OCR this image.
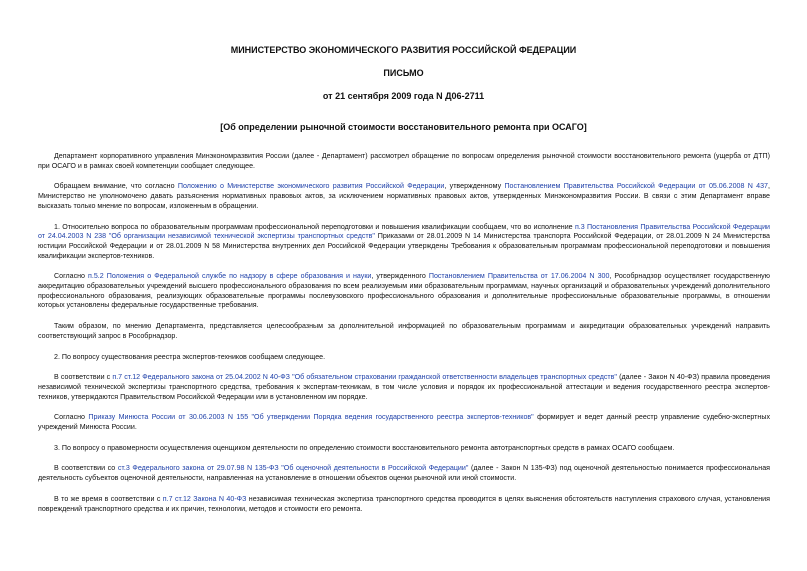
МИНИСТЕРСТВО ЭКОНОМИЧЕСКОГО РАЗВИТИЯ РОССИЙСКОЙ ФЕДЕРАЦИИ
ПИСЬМО
от 21 сентября 2009 года N Д06-2711
[Об определении рыночной стоимости восстановительного ремонта при ОСАГО]

Департамент корпоративного управления Минэкономразвития России (далее - Департамент) рассмотрел обращение по вопросам определения рыночной стоимости восстановительного ремонта (ущерба от ДТП) при ОСАГО и в рамках своей компетенции сообщает следующее.

Обращаем внимание, что согласно Положению о Министерстве экономического развития Российской Федерации, утвержденному Постановлением Правительства Российской Федерации от 05.06.2008 N 437, Министерство не уполномочено давать разъяснения нормативных правовых актов, за исключением нормативных правовых актов, утвержденных Минэкономразвития России. В связи с этим Департамент вправе высказать только мнение по вопросам, изложенным в обращении.

1. Относительно вопроса по образовательным программам профессиональной переподготовки и повышения квалификации сообщаем, что во исполнение п.3 Постановления Правительства Российской Федерации от 24.04.2003 N 238 "Об организации независимой технической экспертизы транспортных средств" Приказами от 28.01.2009 N 14 Министерства транспорта Российской Федерации, от 28.01.2009 N 24 Министерства юстиции Российской Федерации и от 28.01.2009 N 58 Министерства внутренних дел Российской Федерации утверждены Требования к образовательным программам профессиональной переподготовки и повышения квалификации экспертов-техников.

Согласно п.5.2 Положения о Федеральной службе по надзору в сфере образования и науки, утвержденного Постановлением Правительства от 17.06.2004 N 300, Рособрнадзор осуществляет государственную аккредитацию образовательных учреждений высшего профессионального образования по всем реализуемым ими образовательным программам, научных организаций и образовательных учреждений дополнительного профессионального образования, реализующих образовательные программы послевузовского профессионального образования и дополнительные профессиональные образовательные программы, в отношении которых установлены федеральные государственные требования.

Таким образом, по мнению Департамента, представляется целесообразным за дополнительной информацией по образовательным программам и аккредитации образовательных учреждений направить соответствующий запрос в Рособрнадзор.

2. По вопросу существования реестра экспертов-техников сообщаем следующее.

В соответствии с п.7 ст.12 Федерального закона от 25.04.2002 N 40-ФЗ "Об обязательном страховании гражданской ответственности владельцев транспортных средств" (далее - Закон N 40-ФЗ) правила проведения независимой технической экспертизы транспортного средства, требования к экспертам-техникам, в том числе условия и порядок их профессиональной аттестации и ведения государственного реестра экспертов-техников, утверждаются Правительством Российской Федерации или в установленном им порядке.

Согласно Приказу Минюста России от 30.06.2003 N 155 "Об утверждении Порядка ведения государственного реестра экспертов-техников" формирует и ведет данный реестр управление судебно-экспертных учреждений Минюста России.

3. По вопросу о правомерности осуществления оценщиком деятельности по определению стоимости восстановительного ремонта автотранспортных средств в рамках ОСАГО сообщаем.

В соответствии со ст.3 Федерального закона от 29.07.98 N 135-ФЗ "Об оценочной деятельности в Российской Федерации" (далее - Закон N 135-ФЗ) под оценочной деятельностью понимается профессиональная деятельность субъектов оценочной деятельности, направленная на установление в отношении объектов оценки рыночной или иной стоимости.

В то же время в соответствии с п.7 ст.12 Закона N 40-ФЗ независимая техническая экспертиза транспортного средства проводится в целях выяснения обстоятельств наступления страхового случая, установления повреждений транспортного средства и их причин, технологии, методов и стоимости его ремонта.
